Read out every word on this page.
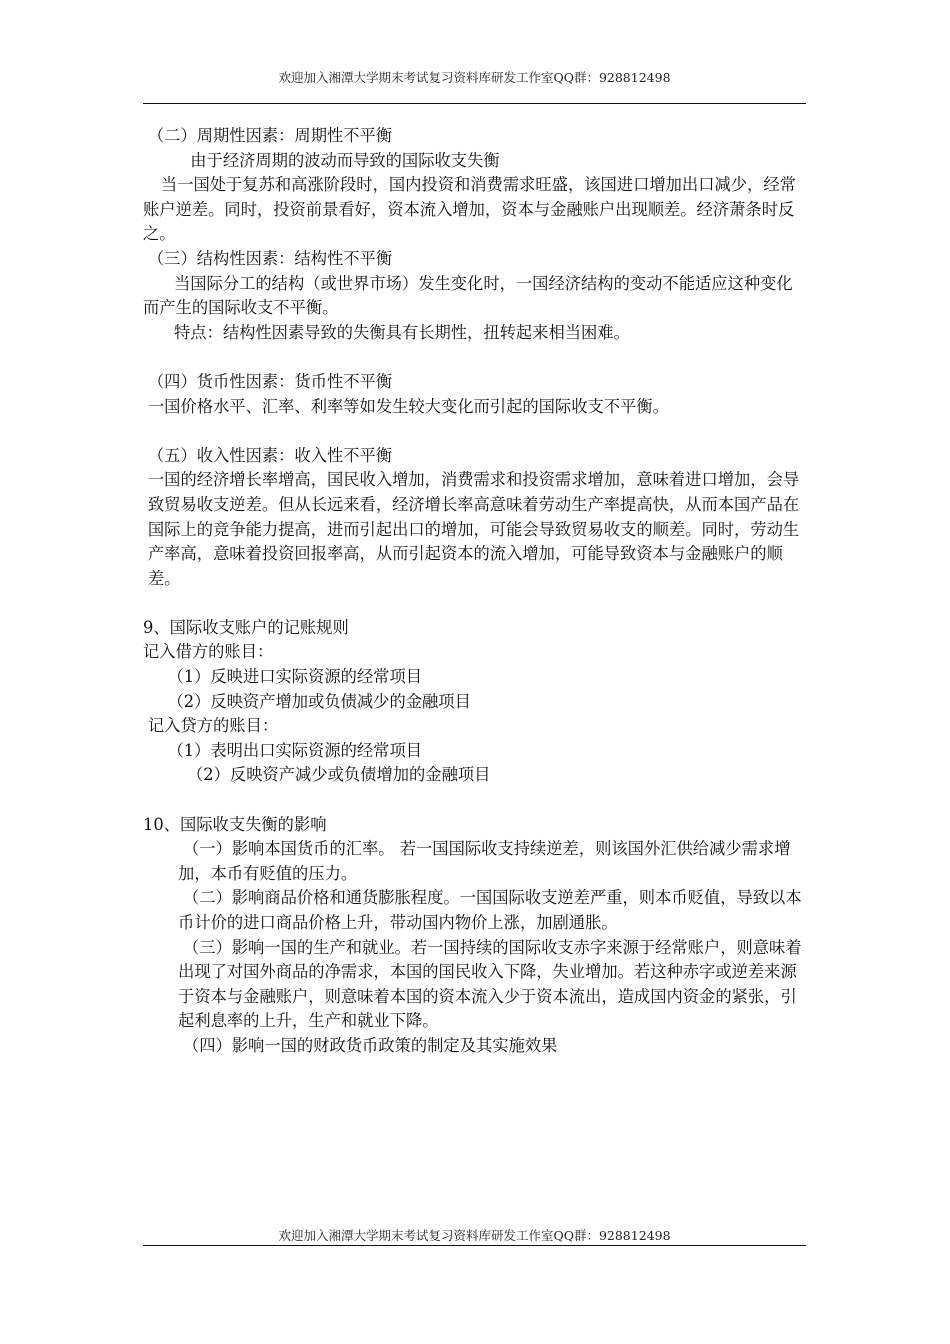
欢迎加入湘潭大学期末考试复习资料库研发工作室QQ群：928812498

（二）周期性因素：周期性不平衡

由于经济周期的波动而导致的国际收支失衡

当一国处于复苏和高涨阶段时，国内投资和消费需求旺盛，该国进口增加出口减少，经常账户逆差。同时，投资前景看好，资本流入增加，资本与金融账户出现顺差。经济萧条时反之。

（三）结构性因素：结构性不平衡

当国际分工的结构（或世界市场）发生变化时，一国经济结构的变动不能适应这种变化而产生的国际收支不平衡。

特点：结构性因素导致的失衡具有长期性，扭转起来相当困难。

（四）货币性因素：货币性不平衡

一国价格水平、汇率、利率等如发生较大变化而引起的国际收支不平衡。

（五）收入性因素：收入性不平衡

一国的经济增长率增高，国民收入增加，消费需求和投资需求增加，意味着进口增加，会导致贸易收支逆差。但从长远来看，经济增长率高意味着劳动生产率提高快，从而本国产品在国际上的竞争能力提高，进而引起出口的增加，可能会导致贸易收支的顺差。同时，劳动生产率高，意味着投资回报率高，从而引起资本的流入增加，可能导致资本与金融账户的顺差。

9、国际收支账户的记账规则

记入借方的账目：

（1）反映进口实际资源的经常项目

（2）反映资产增加或负债减少的金融项目

记入贷方的账目：

（1）表明出口实际资源的经常项目

（2）反映资产减少或负债增加的金融项目

10、国际收支失衡的影响

（一）影响本国货币的汇率。 若一国国际收支持续逆差，则该国外汇供给减少需求增加，本币有贬值的压力。

（二）影响商品价格和通货膨胀程度。一国国际收支逆差严重，则本币贬值，导致以本币计价的进口商品价格上升，带动国内物价上涨，加剧通胀。

（三）影响一国的生产和就业。若一国持续的国际收支赤字来源于经常账户，则意味着出现了对国外商品的净需求，本国的国民收入下降，失业增加。若这种赤字或逆差来源于资本与金融账户，则意味着本国的资本流入少于资本流出，造成国内资金的紧张，引起利息率的上升，生产和就业下降。

（四）影响一国的财政货币政策的制定及其实施效果

欢迎加入湘潭大学期末考试复习资料库研发工作室QQ群：928812498
